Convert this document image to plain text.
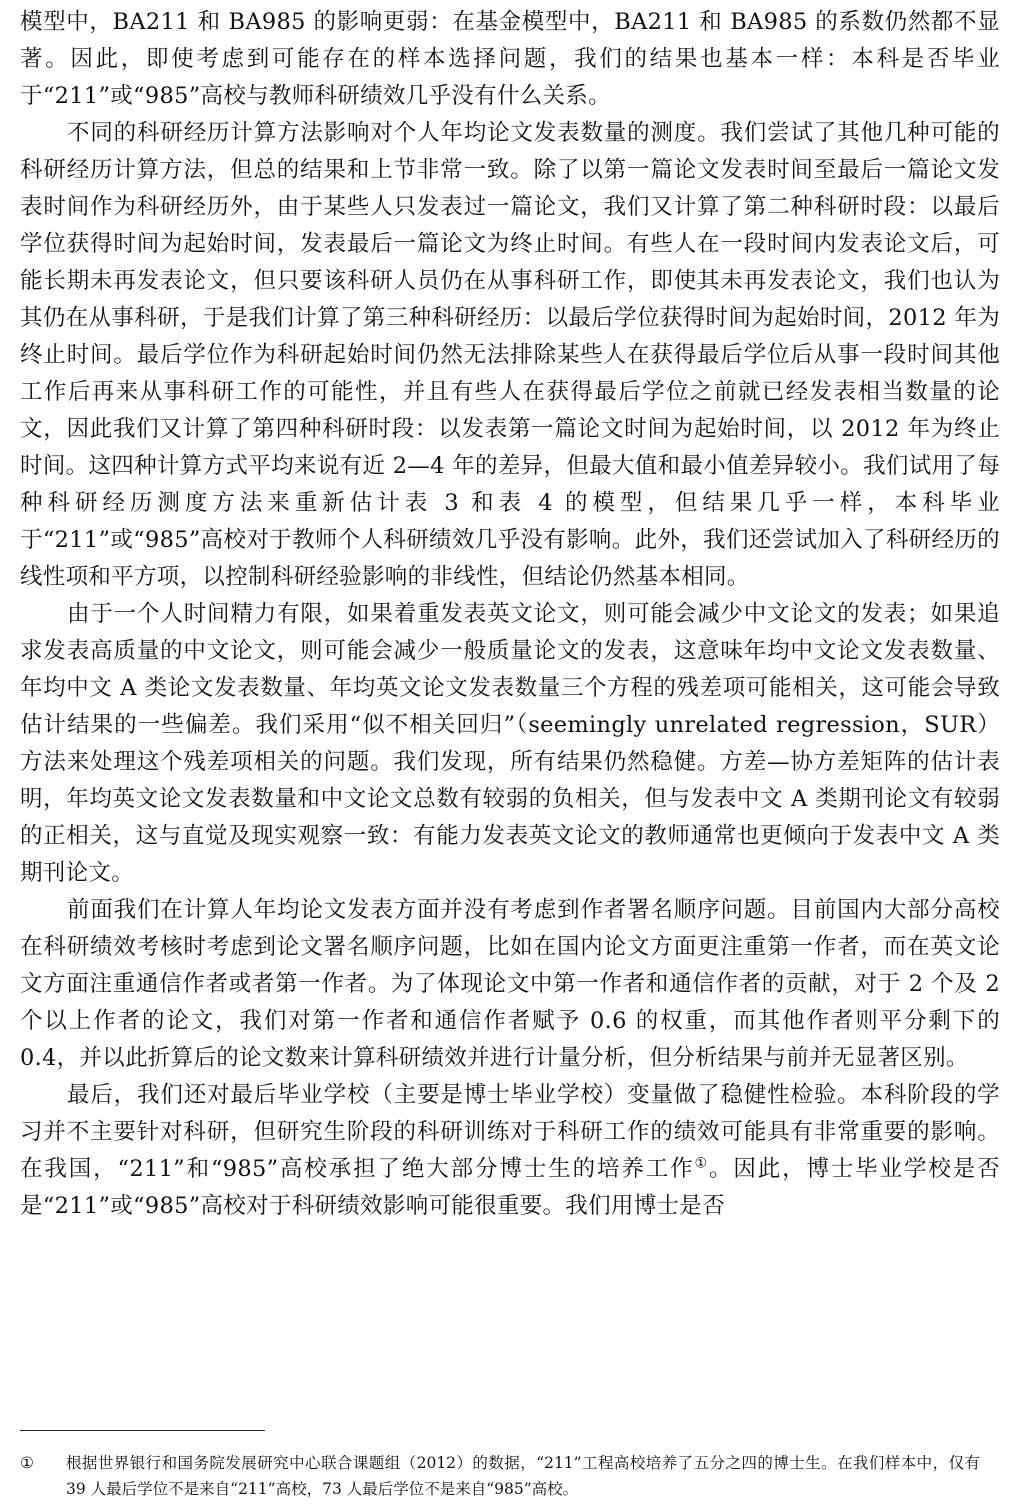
模型中，BA211 和 BA985 的影响更弱：在基金模型中，BA211 和 BA985 的系数仍然都不显著。因此，即使考虑到可能存在的样本选择问题，我们的结果也基本一样：本科是否毕业于“211”或“985”高校与教师科研绩效几乎没有什么关系。

不同的科研经历计算方法影响对个人年均论文发表数量的测度。我们尝试了其他几种可能的科研经历计算方法，但总的结果和上节非常一致。除了以第一篇论文发表时间至最后一篇论文发表时间作为科研经历外，由于某些人只发表过一篇论文，我们又计算了第二种科研时段：以最后学位获得时间为起始时间，发表最后一篇论文为终止时间。有些人在一段时间内发表论文后，可能长期未再发表论文，但只要该科研人员仍在从事科研工作，即使其未再发表论文，我们也认为其仍在从事科研，于是我们计算了第三种科研经历：以最后学位获得时间为起始时间，2012 年为终止时间。最后学位作为科研起始时间仍然无法排除某些人在获得最后学位后从事一段时间其他工作后再来从事科研工作的可能性，并且有些人在获得最后学位之前就已经发表相当数量的论文，因此我们又计算了第四种科研时段：以发表第一篇论文时间为起始时间，以 2012 年为终止时间。这四种计算方式平均来说有近 2—4 年的差异，但最大值和最小值差异较小。我们试用了每种科研经历测度方法来重新估计表 3 和表 4 的模型，但结果几乎一样，本科毕业于“211”或“985”高校对于教师个人科研绩效几乎没有影响。此外，我们还尝试加入了科研经历的线性项和平方项，以控制科研经验影响的非线性，但结论仍然基本相同。

由于一个人时间精力有限，如果着重发表英文论文，则可能会减少中文论文的发表；如果追求发表高质量的中文论文，则可能会减少一般质量论文的发表，这意味年均中文论文发表数量、年均中文 A 类论文发表数量、年均英文论文发表数量三个方程的残差项可能相关，这可能会导致估计结果的一些偏差。我们采用“似不相关回归”（seemingly unrelated regression，SUR）方法来处理这个残差项相关的问题。我们发现，所有结果仍然稳健。方差—协方差矩阵的估计表明，年均英文论文发表数量和中文论文总数有较弱的负相关，但与发表中文 A 类期刊论文有较弱的正相关，这与直觉及现实观察一致：有能力发表英文论文的教师通常也更倾向于发表中文 A 类期刊论文。

前面我们在计算人年均论文发表方面并没有考虑到作者署名顺序问题。目前国内大部分高校在科研绩效考核时考虑到论文署名顺序问题，比如在国内论文方面更注重第一作者，而在英文论文方面注重通信作者或者第一作者。为了体现论文中第一作者和通信作者的贡献，对于 2 个及 2 个以上作者的论文，我们对第一作者和通信作者赋予 0.6 的权重，而其他作者则平分剩下的 0.4，并以此折算后的论文数来计算科研绩效并进行计量分析，但分析结果与前并无显著区别。

最后，我们还对最后毕业学校（主要是博士毕业学校）变量做了稳健性检验。本科阶段的学习并不主要针对科研，但研究生阶段的科研训练对于科研工作的绩效可能具有非常重要的影响。在我国，“211”和“985”高校承担了绝大部分博士生的培养工作①。因此，博士毕业学校是否是“211”或“985”高校对于科研绩效影响可能很重要。我们用博士是否

①	根据世界银行和国务院发展研究中心联合课题组（2012）的数据，“211”工程高校培养了五分之四的博士生。在我们样本中，仅有 39 人最后学位不是来自“211”高校，73 人最后学位不是来自“985”高校。
